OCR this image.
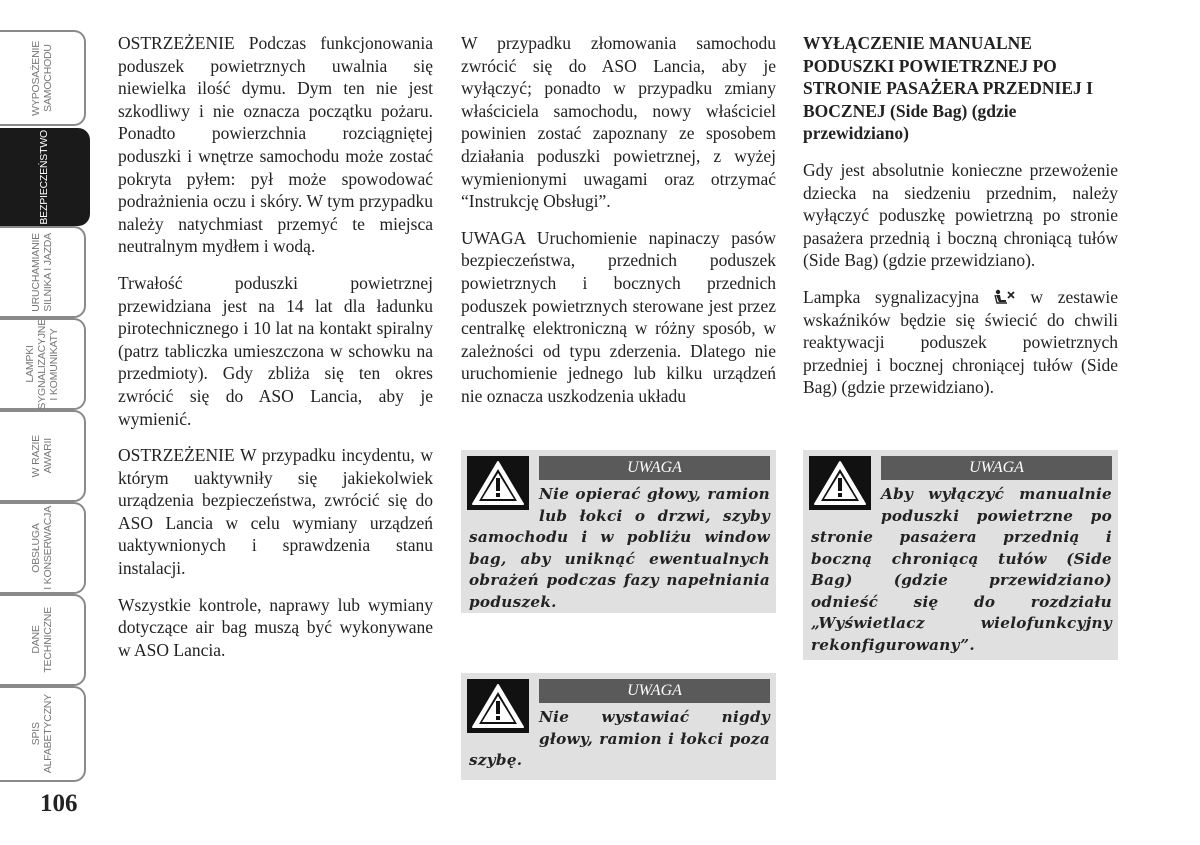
WYPOSAŻENIE
SAMOCHODU
BEZPIECZEŃSTWO
URUCHAMIANIE
SILNIKA I JAZDA
LAMPKI
SYGNALIZACYJNE
I KOMUNIKATY
W RAZIE
AWARII
OBSŁUGA
I KONSERWACJA
DANE
TECHNICZNE
SPIS
ALFABETYCZNY
106

OSTRZEŻENIE Podczas funkcjonowania poduszek powietrznych uwalnia się niewielka ilość dymu. Dym ten nie jest szkodliwy i nie oznacza początku pożaru. Ponadto powierzchnia rozciągniętej poduszki i wnętrze samochodu może zostać pokryta pyłem: pył może spowodować podrażnienia oczu i skóry. W tym przypadku należy natychmiast przemyć te miejsca neutralnym mydłem i wodą.

Trwałość poduszki powietrznej przewidziana jest na 14 lat dla ładunku pirotechnicznego i 10 lat na kontakt spiralny (patrz tabliczka umieszczona w schowku na przedmioty). Gdy zbliża się ten okres zwrócić się do ASO Lancia, aby je wymienić.

OSTRZEŻENIE W przypadku incydentu, w którym uaktywniły się jakiekolwiek urządzenia bezpieczeństwa, zwrócić się do ASO Lancia w celu wymiany urządzeń uaktywnionych i sprawdzenia stanu instalacji.

Wszystkie kontrole, naprawy lub wymiany dotyczące air bag muszą być wykonywane w ASO Lancia.

W przypadku złomowania samochodu zwrócić się do ASO Lancia, aby je wyłączyć; ponadto w przypadku zmiany właściciela samochodu, nowy właściciel powinien zostać zapoznany ze sposobem działania poduszki powietrznej, z wyżej wymienionymi uwagami oraz otrzymać “Instrukcję Obsługi”.

UWAGA Uruchomienie napinaczy pasów bezpieczeństwa, przednich poduszek powietrznych i bocznych przednich poduszek powietrznych sterowane jest przez centralkę elektroniczną w różny sposób, w zależności od typu zderzenia. Dlatego nie uruchomienie jednego lub kilku urządzeń nie oznacza uszkodzenia układu

UWAGA
Nie opierać głowy, ramion lub łokci o drzwi, szyby samochodu i w pobliżu window bag, aby uniknąć ewentualnych obrażeń podczas fazy napełniania poduszek.
UWAGA
Nie wystawiać nigdy głowy, ramion i łokci poza szybę.
WYŁĄCZENIE MANUALNE PODUSZKI POWIETRZNEJ PO STRONIE PASAŻERA PRZEDNIEJ I BOCZNEJ (Side Bag) (gdzie przewidziano)

Gdy jest absolutnie konieczne przewożenie dziecka na siedzeniu przednim, należy wyłączyć poduszkę powietrzną po stronie pasażera przednią i boczną chroniącą tułów (Side Bag) (gdzie przewidziano).

Lampka sygnalizacyjna	w zestawie wskaźników będzie się świecić do chwili reaktywacji poduszek powietrznych przedniej i bocznej chroniącej tułów (Side Bag) (gdzie przewidziano).

UWAGA
Aby wyłączyć manualnie poduszki powietrzne po stronie pasażera przednią i boczną chroniącą tułów (Side Bag) (gdzie przewidziano) odnieść się do rozdziału „Wyświetlacz wielofunkcyjny rekonfigurowany”.
